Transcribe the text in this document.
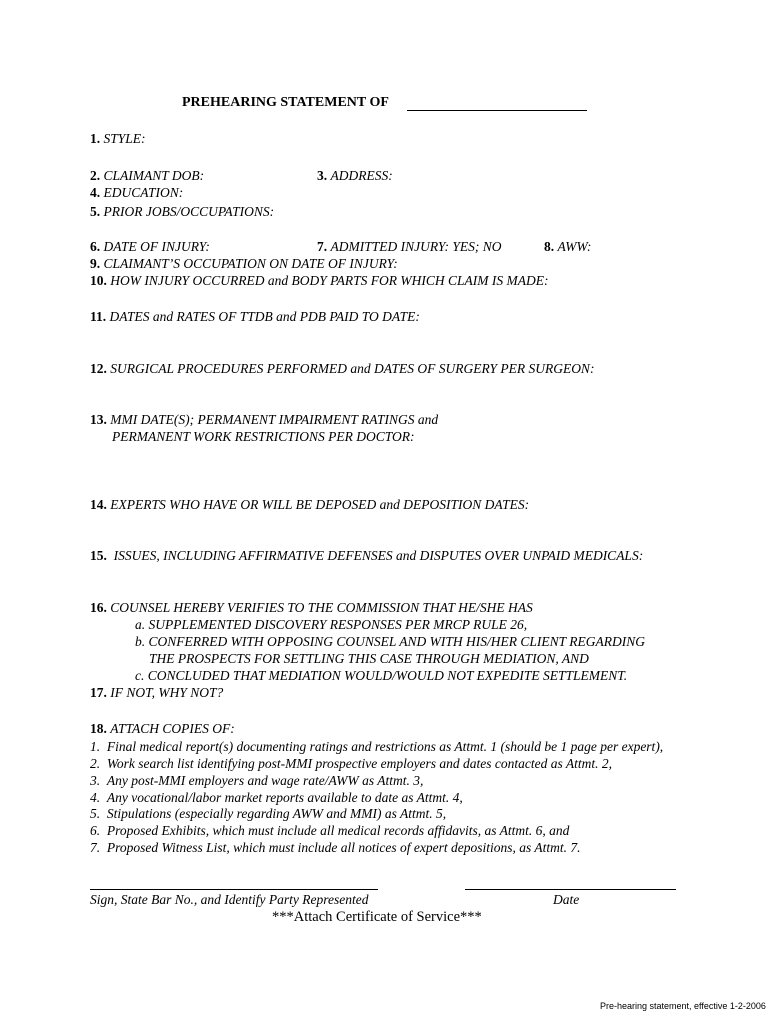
PREHEARING STATEMENT OF
1. STYLE:
2. CLAIMANT DOB:	3. ADDRESS:
4. EDUCATION:
5. PRIOR JOBS/OCCUPATIONS:
6. DATE OF INJURY:	7. ADMITTED INJURY: YES; NO	8. AWW:
9. CLAIMANT’S OCCUPATION ON DATE OF INJURY:
10. HOW INJURY OCCURRED and BODY PARTS FOR WHICH CLAIM IS MADE:
11. DATES and RATES OF TTDB and PDB PAID TO DATE:
12. SURGICAL PROCEDURES PERFORMED and DATES OF SURGERY PER SURGEON:
13. MMI DATE(S); PERMANENT IMPAIRMENT RATINGS and
PERMANENT WORK RESTRICTIONS PER DOCTOR:
14. EXPERTS WHO HAVE OR WILL BE DEPOSED and DEPOSITION DATES:
15. ISSUES, INCLUDING AFFIRMATIVE DEFENSES and DISPUTES OVER UNPAID MEDICALS:
16. COUNSEL HEREBY VERIFIES TO THE COMMISSION THAT HE/SHE HAS
a. SUPPLEMENTED DISCOVERY RESPONSES PER MRCP RULE 26,
b. CONFERRED WITH OPPOSING COUNSEL AND WITH HIS/HER CLIENT REGARDING
THE PROSPECTS FOR SETTLING THIS CASE THROUGH MEDIATION, AND
c. CONCLUDED THAT MEDIATION WOULD/WOULD NOT EXPEDITE SETTLEMENT.
17. IF NOT, WHY NOT?
18. ATTACH COPIES OF:
1. Final medical report(s) documenting ratings and restrictions as Attmt. 1 (should be 1 page per expert),
2. Work search list identifying post-MMI prospective employers and dates contacted as Attmt. 2,
3. Any post-MMI employers and wage rate/AWW as Attmt. 3,
4. Any vocational/labor market reports available to date as Attmt. 4,
5. Stipulations (especially regarding AWW and MMI) as Attmt. 5,
6. Proposed Exhibits, which must include all medical records affidavits, as Attmt. 6, and
7. Proposed Witness List, which must include all notices of expert depositions, as Attmt. 7.
Sign, State Bar No., and Identify Party Represented	Date
***Attach Certificate of Service***
Pre-hearing statement, effective 1-2-2006
